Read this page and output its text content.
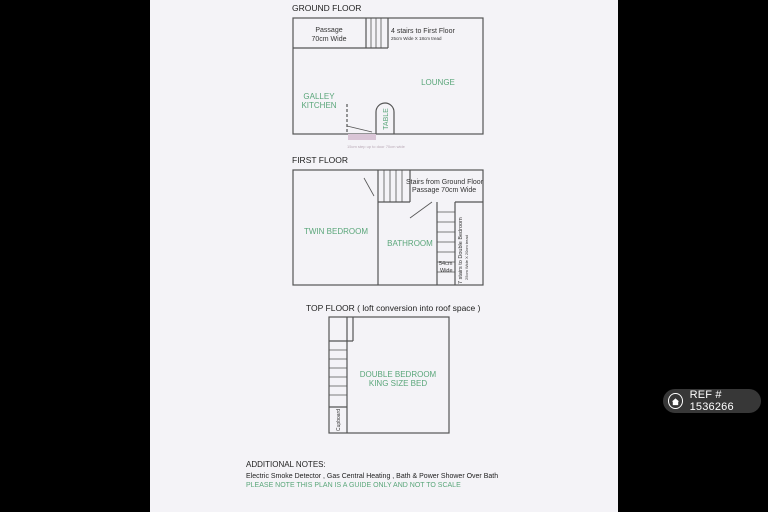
GROUND FLOOR
FIRST FLOOR
TOP FLOOR ( loft conversion into roof space )
Passage
70cm Wide
4 stairs to First Floor
25cm Wide X 18cm tread
GALLEY
KITCHEN
LOUNGE
TABLE
15cm step up to door 70cm wide
Stairs from Ground Floor
Passage 70cm Wide
TWIN BEDROOM
BATHROOM
54cm
Wide 7 stairs to Double Bedroom 25cm Wide X 20cm tread
DOUBLE BEDROOM
KING SIZE BED
Cupboard
ADDITIONAL NOTES:
Electric Smoke Detector , Gas Central Heating , Bath & Power Shower Over Bath
PLEASE NOTE THIS PLAN IS A GUIDE ONLY AND NOT TO SCALE
REF # 1536266
